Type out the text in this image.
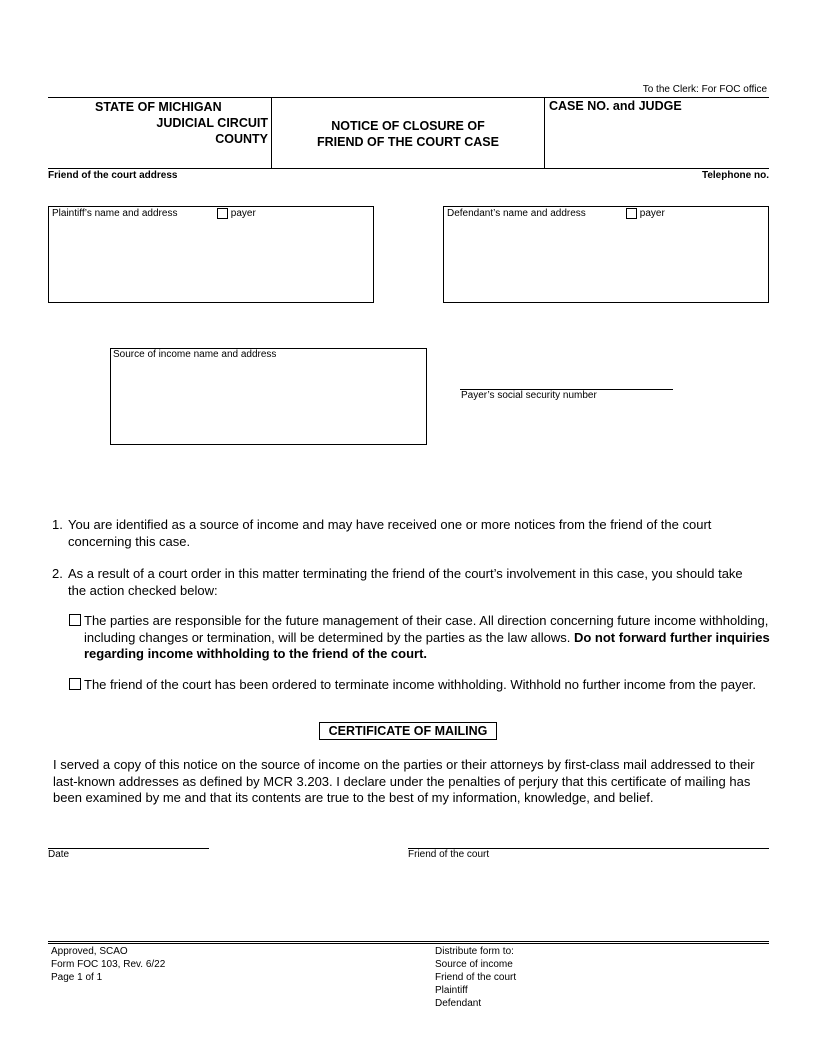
To the Clerk: For FOC office
STATE OF MICHIGAN
JUDICIAL CIRCUIT
COUNTY
NOTICE OF CLOSURE OF
FRIEND OF THE COURT CASE
CASE NO. and JUDGE
Friend of the court address	Telephone no.
Plaintiff’s name and address	payer	Defendant’s name and address	payer
Source of income name and address
Payer’s social security number
1. You are identified as a source of income and may have received one or more notices from the friend of the court
concerning this case.
2. As a result of a court order in this matter terminating the friend of the court’s involvement in this case, you should take
the action checked below:
The parties are responsible for the future management of their case. All direction concerning future income withholding,
including changes or termination, will be determined by the parties as the law allows. Do not forward further inquiries
regarding income withholding to the friend of the court.
The friend of the court has been ordered to terminate income withholding. Withhold no further income from the payer.
CERTIFICATE OF MAILING
I served a copy of this notice on the source of income on the parties or their attorneys by first-class mail addressed to their
last-known addresses as defined by MCR 3.203. I declare under the penalties of perjury that this certificate of mailing has
been examined by me and that its contents are true to the best of my information, knowledge, and belief.
Date	Friend of the court
Approved, SCAO
Form FOC 103, Rev. 6/22
Page 1 of 1
Distribute form to:
Source of income
Friend of the court
Plaintiff
Defendant
